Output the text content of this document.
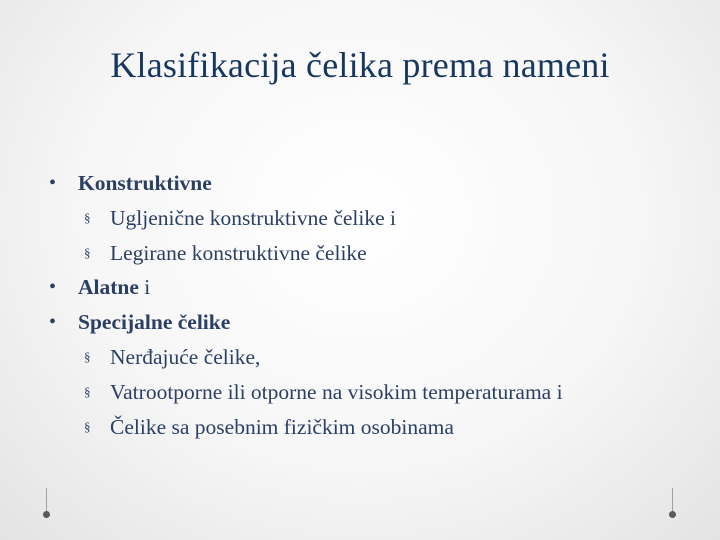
Klasifikacija čelika prema nameni
• Konstruktivne
§ Ugljenične konstruktivne čelike i
§ Legirane konstruktivne čelike
• Alatne i
• Specijalne čelike
§ Nerđajuće čelike,
§ Vatrootporne ili otporne na visokim temperaturama i
§ Čelike sa posebnim fizičkim osobinama
